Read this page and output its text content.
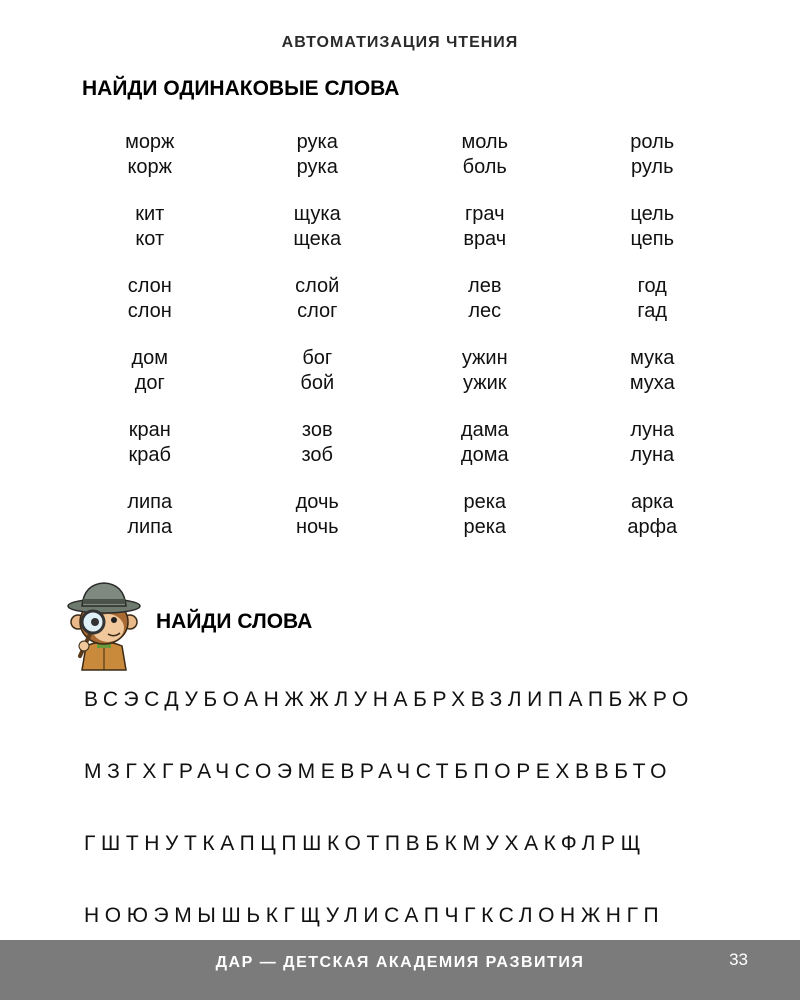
АВТОМАТИЗАЦИЯ ЧТЕНИЯ
НАЙДИ ОДИНАКОВЫЕ СЛОВА
морж
корж
рука
рука
моль
боль
роль
руль
кит
кот
щука
щека
грач
врач
цель
цепь
слон
слон
слой
слог
лев
лес
год
гад
дом
дог
бог
бой
ужин
ужик
мука
муха
кран
краб
зов
зоб
дама
дома
луна
луна
липа
липа
дочь
ночь
река
река
арка
арфа
НАЙДИ СЛОВА
ВСЭСДУБОАНЖЖЛУНАБРХВЗЛИПАПБЖРО
МЗГХГРАЧСОЭМЕВРАЧСТБПОРЕХВВБТО
ГШТНУТКАПЦПШКОТПВБКМУХАКФЛРЩ
НОЮЭМЫШЬКГЩУЛИСАПЧГКСЛОНЖНГП
ДАР — ДЕТСКАЯ АКАДЕМИЯ РАЗВИТИЯ	33
